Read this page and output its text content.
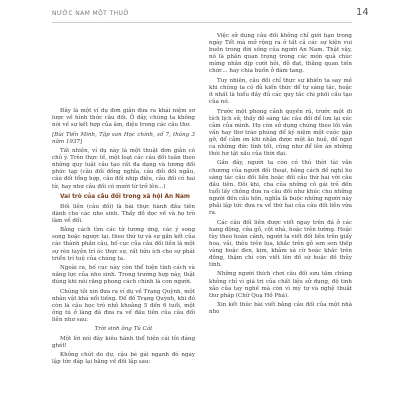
NƯỚC NAM MỘT THUỞ	14

Đây là một ví dụ đơn giản đưa ra khái niệm sơ lược về hình thức câu đối. Ở đây, chúng ta không nói về sự kết hợp của âm, điệu trong các câu thơ.

[Bùi Tiến Minh, Tập san Học chính, số 7, tháng 3 năm 1937]

Tất nhiên, ví dụ này là một thuật đơn giản có chủ ý. Trên thực tế, một loạt các câu đối tuân theo những quy luật câu tạo rất đa dạng và tương đối phức tạp (câu đối đồng nghĩa, câu đối đối ngẫu, câu đối tổng hợp, câu đối nhịp điệu, câu đối có hai từ, hay như câu đối có mười từ trở lên...)

Vai trò của câu đối trong xã hội An Nam

Đối liễn (câu đối) là bài thực hành đầu tiên dành cho các nho sinh. Thấy đồ dọc về và họ trò làm về đối.

Bằng cách tìm các từ tương ứng, các ý song song hoặc ngược lại, theo thứ tự và sự gắn kết của các thành phần câu, bố cục của câu đối liễn là một sự rèn luyện trí óc thực sự, rất hữu ích cho sự phát triển trí tuệ của chúng ta.

Ngoài ra, bố cục này còn thể hiện tính cách và năng lực của nho sinh. Trong trường hợp này, thật đúng khi nói rằng phong cách chính là con người.

Chúng tôi xin đưa ra ví dụ về Trạng Quỳnh, một nhân vật khá nổi tiếng. Đế đố Trạng Quỳnh, khi đó còn là cậu học trò nhỏ khoảng 5 đến 6 tuổi, một ông tú ở làng đã đưa ra vế đầu tiên của câu đối liễn như sau:

Trời sinh ông Tú Cát

Một lời nói đây kiêu hãnh thể hiện cái tôi đáng ghét!

Không chút do dự, cậu bé gái ngạnh đó ngay lập tức đáp lại bằng vế đối lập sau:

Việc sử dụng câu đối không chỉ giới hạn trong ngày Tết mà mở rộng ra ở tất cả các sự kiện vui buồn trong đời sống của người An Nam. Thật vậy, nó là phần quan trọng trong các món quà chúc mừng nhân dịp cưới hỏi, đỗ đạt, thăng quan tiến chức... hay chia buồn ở đám tang.

Tuy nhiên, câu đối chỉ thực sự khiến ta say mê khi chúng ta có đủ kiến thức để tự sáng tác, hoặc ít nhất là hiểu đầy đủ các quy tắc chi phối cấu tạo của nó.

Trước một phong cảnh quyến rũ, trước một di tích lịch sử, thấy đồ sáng tác câu đối để lưu lại xúc cảm của mình. Họ còn sử dụng chúng theo lối văn vần hay thơ trào phúng để ký niệm một cuộc gặp gỡ, để cảm ơn khi nhận được một ân huệ, để ngợi ca những đức tính tốt, cũng như để lên án những thói hư tật xấu của thời đại.

Gần đây, người ta còn có thú thời tài văn chương của người đối thoại, bằng cách đề nghị họ sáng tác câu đối liễn hoặc đối câu thứ hai với câu đầu tiên. Đôi khi, cha của những cô gái trẻ đến tuổi lấy chồng đưa ra câu đối như khúc chu những người đến cầu hôn, nghĩa là buộc những người này phải lập tức đưa ra vế thứ hai của câu đối liễn vừa ra.

Các câu đối liễn được viết ngay trên đá ở các hang động, cửa gỗ, cột nhà, hoặc trên tường. Hoặc tùy theo hoàn cảnh, người ta viết đối liễn trên giấy hoa, vải, thêu trên lụa, khắc trên gỗ sơn son thếp vàng hoặc đen, kim, khảm xà cừ hoặc khắc trên đồng, thậm chí còn viết lên đồ sứ hoặc đồ thủy tinh.

Những người thích chơi câu đối sưu tầm chúng không chỉ vì giá trị của chất liệu sử dụng, độ tinh xảo của tay nghề mà còn vì mỹ tự và nghệ thuật thư pháp (Chữ Quạ Hồ Phá).

Xin kết thúc bài viết bằng câu đối của một nhà nho
